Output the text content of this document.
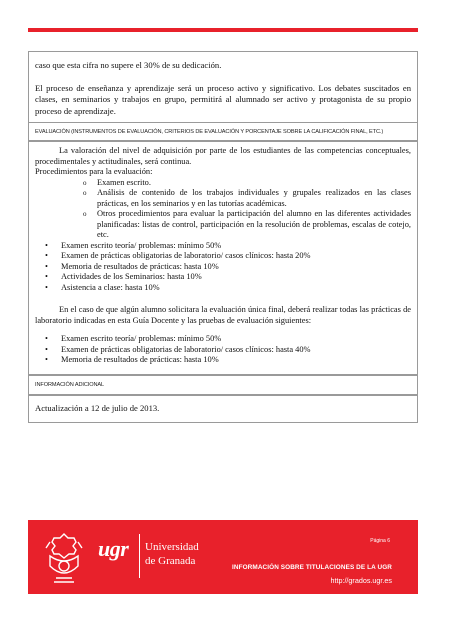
caso que esta cifra no supere el 30% de su dedicación.

El proceso de enseñanza y aprendizaje será un proceso activo y significativo. Los debates suscitados en clases, en seminarios y trabajos en grupo, permitirá al alumnado ser activo y protagonista de su propio proceso de aprendizaje.

EVALUACIÓN (INSTRUMENTOS DE EVALUACIÓN, CRITERIOS DE EVALUACIÓN Y PORCENTAJE SOBRE LA CALIFICACIÓN FINAL, ETC.)

La valoración del nivel de adquisición por parte de los estudiantes de las competencias conceptuales, procedimentales y actitudinales, será continua.

Procedimientos para la evaluación:

o Examen escrito.
o Análisis de contenido de los trabajos individuales y grupales realizados en las clases prácticas, en los seminarios y en las tutorías académicas.
o Otros procedimientos para evaluar la participación del alumno en las diferentes actividades planificadas: listas de control, participación en la resolución de problemas, escalas de cotejo, etc.
• Examen escrito teoría/ problemas: mínimo 50%
• Examen de prácticas obligatorias de laboratorio/ casos clínicos: hasta 20%
• Memoria de resultados de prácticas: hasta 10%
• Actividades de los Seminarios: hasta 10%
• Asistencia a clase: hasta 10%

En el caso de que algún alumno solicitara la evaluación única final, deberá realizar todas las prácticas de laboratorio indicadas en esta Guía Docente y las pruebas de evaluación siguientes:

• Examen escrito teoría/ problemas: mínimo 50%
• Examen de prácticas obligatorias de laboratorio/ casos clínicos: hasta 40%
• Memoria de resultados de prácticas: hasta 10%
INFORMACIÓN ADICIONAL
Actualización a 12 de julio de 2013.
ugr Universidad
de Granada
Página 6
INFORMACIÓN SOBRE TITULACIONES DE LA UGR
http://grados.ugr.es
